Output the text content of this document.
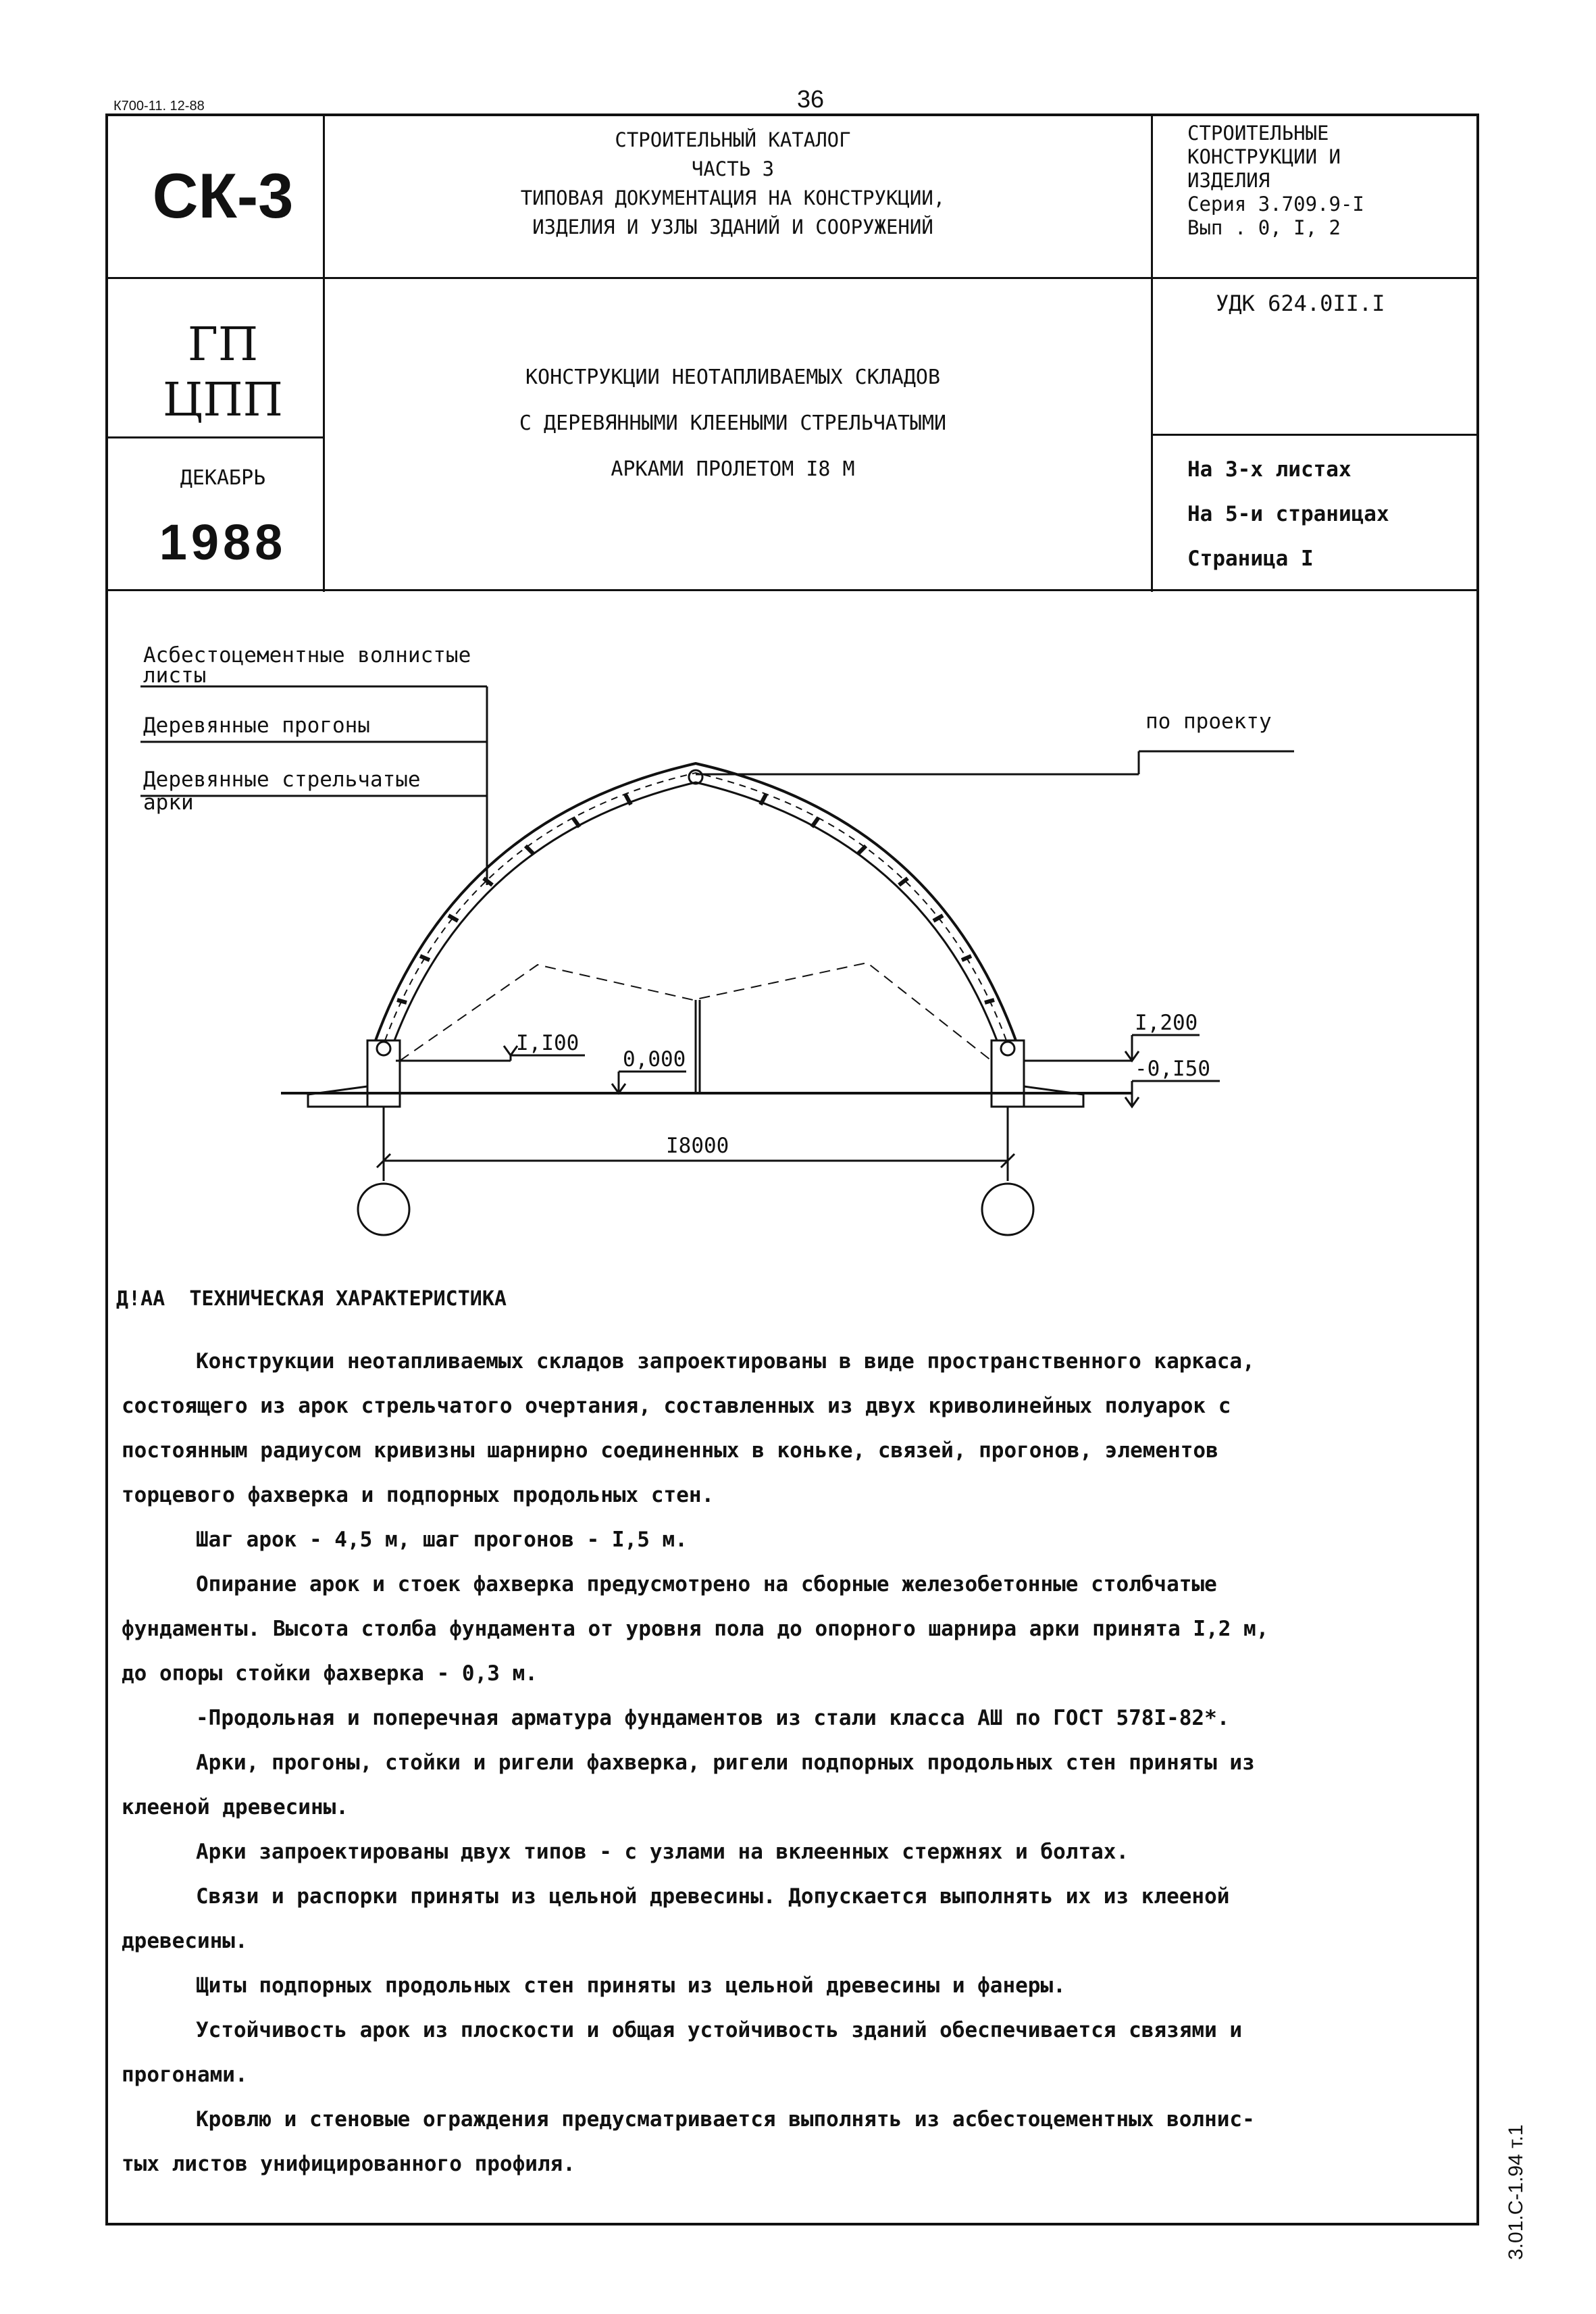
К700-11. 12-88	36
СК-3
ГП
ЦПП
ДЕКАБРЬ
1988
СТРОИТЕЛЬНЫЙ КАТАЛОГ
ЧАСТЬ 3
ТИПОВАЯ ДОКУМЕНТАЦИЯ НА КОНСТРУКЦИИ,
ИЗДЕЛИЯ И УЗЛЫ ЗДАНИЙ И СООРУЖЕНИЙ
КОНСТРУКЦИИ НЕОТАПЛИВАЕМЫХ СКЛАДОВ
С ДЕРЕВЯННЫМИ КЛЕЕНЫМИ СТРЕЛЬЧАТЫМИ
АРКАМИ ПРОЛЕТОМ I8 М
СТРОИТЕЛЬНЫЕ
КОНСТРУКЦИИ И
ИЗДЕЛИЯ
Серия 3.709.9-I
Вып . 0, I, 2
УДК 624.0II.I
На 3-х листах
На 5-и страницах
Страница I
Асбестоцементные волнистые
листы
Деревянные прогоны
Деревянные стрельчатые
арки
по проекту
I,I00
0,000
I,200
-0,I50
I8000
Д!АА ТЕХНИЧЕСКАЯ ХАРАКТЕРИСТИКА

Конструкции неотапливаемых складов запроектированы в виде пространственного каркаса,

состоящего из арок стрельчатого очертания, составленных из двух криволинейных полуарок с

постоянным радиусом кривизны шарнирно соединенных в коньке, связей, прогонов, элементов

торцевого фахверка и подпорных продольных стен.

Шаг арок - 4,5 м, шаг прогонов - I,5 м.

Опирание арок и стоек фахверка предусмотрено на сборные железобетонные столбчатые

фундаменты. Высота столба фундамента от уровня пола до опорного шарнира арки принята I,2 м,

до опоры стойки фахверка - 0,3 м.

-Продольная и поперечная арматура фундаментов из стали класса АШ по ГОСТ 578I-82*.

Арки, прогоны, стойки и ригели фахверка, ригели подпорных продольных стен приняты из

клееной древесины.

Арки запроектированы двух типов - с узлами на вклеенных стержнях и болтах.

Связи и распорки приняты из цельной древесины. Допускается выполнять их из клееной

древесины.

Щиты подпорных продольных стен приняты из цельной древесины и фанеры.

Устойчивость арок из плоскости и общая устойчивость зданий обеспечивается связями и

прогонами.

Кровлю и стеновые ограждения предусматривается выполнять из асбестоцементных волнис-

тых листов унифицированного профиля.	3.01.С-1.94 т.1
